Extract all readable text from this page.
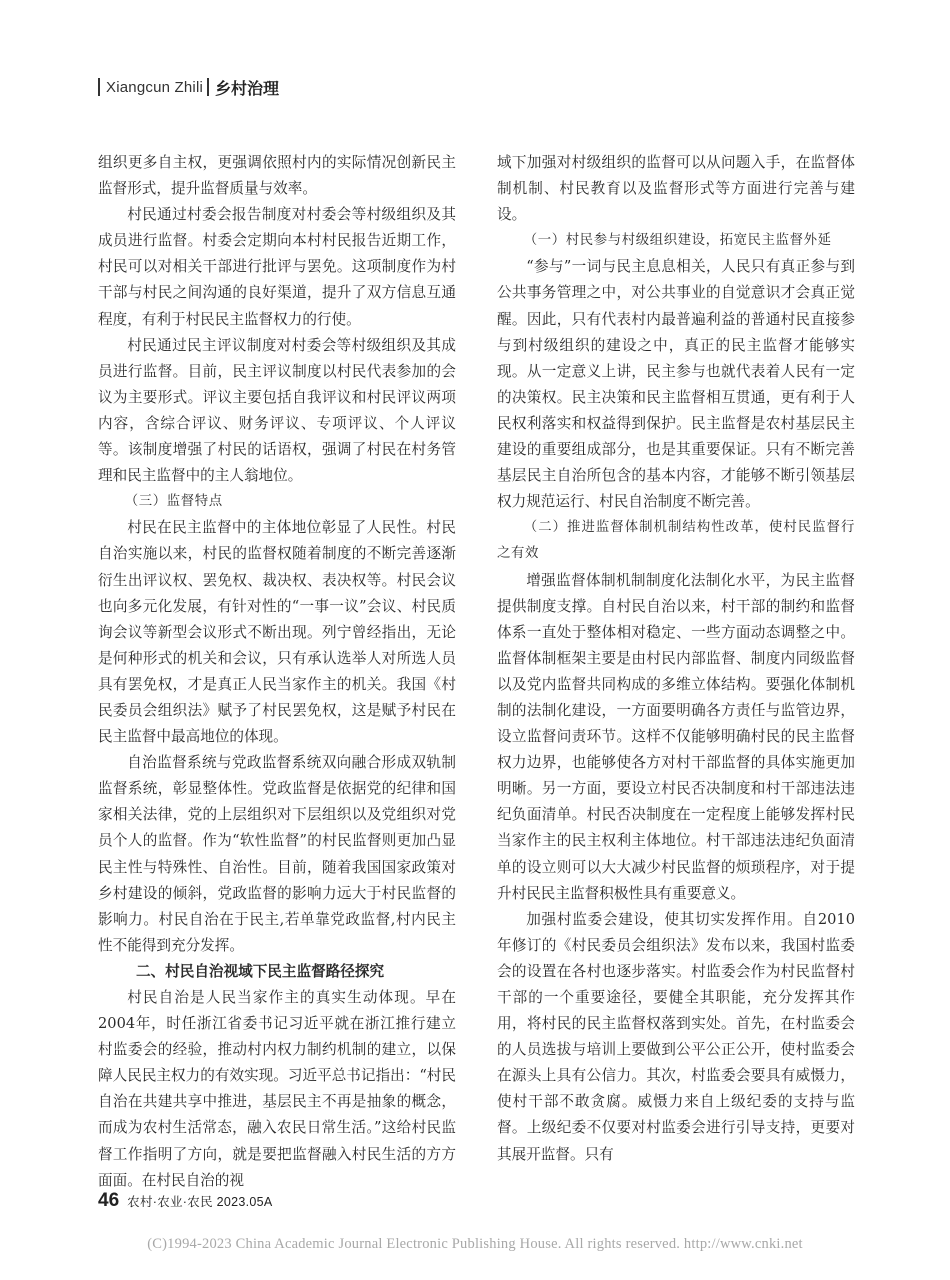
Xiangcun Zhili 乡村治理

组织更多自主权，更强调依照村内的实际情况创新民主监督形式，提升监督质量与效率。

村民通过村委会报告制度对村委会等村级组织及其成员进行监督。村委会定期向本村村民报告近期工作，村民可以对相关干部进行批评与罢免。这项制度作为村干部与村民之间沟通的良好渠道，提升了双方信息互通程度，有利于村民民主监督权力的行使。

村民通过民主评议制度对村委会等村级组织及其成员进行监督。目前，民主评议制度以村民代表参加的会议为主要形式。评议主要包括自我评议和村民评议两项内容，含综合评议、财务评议、专项评议、个人评议等。该制度增强了村民的话语权，强调了村民在村务管理和民主监督中的主人翁地位。

（三）监督特点

村民在民主监督中的主体地位彰显了人民性。村民自治实施以来，村民的监督权随着制度的不断完善逐渐衍生出评议权、罢免权、裁决权、表决权等。村民会议也向多元化发展，有针对性的“一事一议”会议、村民质询会议等新型会议形式不断出现。列宁曾经指出，无论是何种形式的机关和会议，只有承认选举人对所选人员具有罢免权，才是真正人民当家作主的机关。我国《村民委员会组织法》赋予了村民罢免权，这是赋予村民在民主监督中最高地位的体现。

自治监督系统与党政监督系统双向融合形成双轨制监督系统，彰显整体性。党政监督是依据党的纪律和国家相关法律，党的上层组织对下层组织以及党组织对党员个人的监督。作为“软性监督”的村民监督则更加凸显民主性与特殊性、自治性。目前，随着我国国家政策对乡村建设的倾斜，党政监督的影响力远大于村民监督的影响力。村民自治在于民主,若单靠党政监督,村内民主性不能得到充分发挥。

二、村民自治视域下民主监督路径探究

村民自治是人民当家作主的真实生动体现。早在2004年，时任浙江省委书记习近平就在浙江推行建立村监委会的经验，推动村内权力制约机制的建立，以保障人民民主权力的有效实现。习近平总书记指出：“村民自治在共建共享中推进，基层民主不再是抽象的概念，而成为农村生活常态，融入农民日常生活。”这给村民监督工作指明了方向，就是要把监督融入村民生活的方方面面。在村民自治的视

域下加强对村级组织的监督可以从问题入手，在监督体制机制、村民教育以及监督形式等方面进行完善与建设。

（一）村民参与村级组织建设，拓宽民主监督外延

“参与”一词与民主息息相关，人民只有真正参与到公共事务管理之中，对公共事业的自觉意识才会真正觉醒。因此，只有代表村内最普遍利益的普通村民直接参与到村级组织的建设之中，真正的民主监督才能够实现。从一定意义上讲，民主参与也就代表着人民有一定的决策权。民主决策和民主监督相互贯通，更有利于人民权利落实和权益得到保护。民主监督是农村基层民主建设的重要组成部分，也是其重要保证。只有不断完善基层民主自治所包含的基本内容，才能够不断引领基层权力规范运行、村民自治制度不断完善。

（二）推进监督体制机制结构性改革，使村民监督行之有效

增强监督体制机制制度化法制化水平，为民主监督提供制度支撑。自村民自治以来，村干部的制约和监督体系一直处于整体相对稳定、一些方面动态调整之中。监督体制框架主要是由村民内部监督、制度内同级监督以及党内监督共同构成的多维立体结构。要强化体制机制的法制化建设，一方面要明确各方责任与监管边界，设立监督问责环节。这样不仅能够明确村民的民主监督权力边界，也能够使各方对村干部监督的具体实施更加明晰。另一方面，要设立村民否决制度和村干部违法违纪负面清单。村民否决制度在一定程度上能够发挥村民当家作主的民主权利主体地位。村干部违法违纪负面清单的设立则可以大大减少村民监督的烦琐程序，对于提升村民民主监督积极性具有重要意义。

加强村监委会建设，使其切实发挥作用。自2010年修订的《村民委员会组织法》发布以来，我国村监委会的设置在各村也逐步落实。村监委会作为村民监督村干部的一个重要途径，要健全其职能，充分发挥其作用，将村民的民主监督权落到实处。首先，在村监委会的人员选拔与培训上要做到公平公正公开，使村监委会在源头上具有公信力。其次，村监委会要具有威慑力，使村干部不敢贪腐。威慑力来自上级纪委的支持与监督。上级纪委不仅要对村监委会进行引导支持，更要对其展开监督。只有

46 农村·农业·农民 2023.05A
(C)1994-2023 China Academic Journal Electronic Publishing House. All rights reserved. http://www.cnki.net
